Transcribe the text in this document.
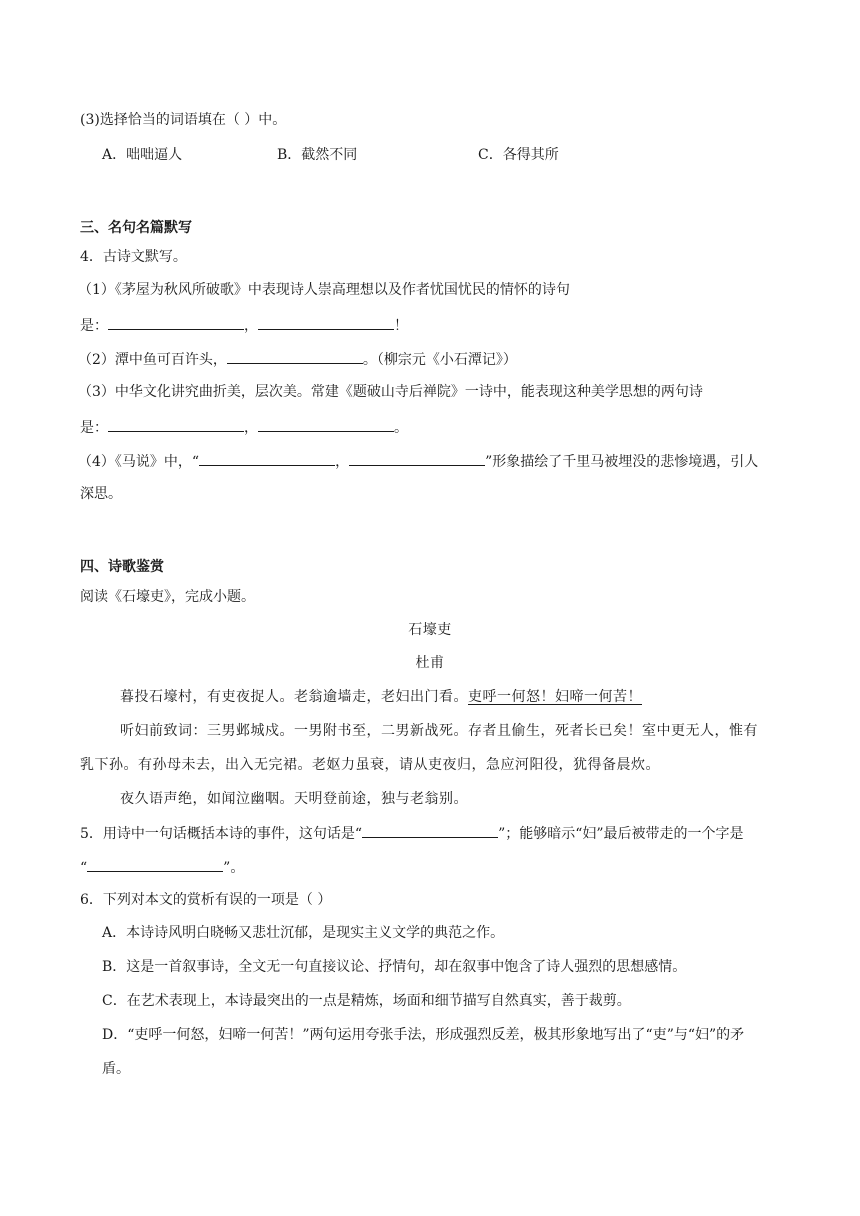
(3)选择恰当的词语填在（ ）中。
A．咄咄逼人	B．截然不同	C．各得其所
三、名句名篇默写
4．古诗文默写。
（1）《茅屋为秋风所破歌》中表现诗人崇高理想以及作者忧国忧民的情怀的诗句
是：	，	！
（2）潭中鱼可百许头，	。（柳宗元《小石潭记》）
（3）中华文化讲究曲折美，层次美。常建《题破山寺后禅院》一诗中，能表现这种美学思想的两句诗
是：	，	。
（4）《马说》中，“	，	”形象描绘了千里马被埋没的悲惨境遇，引人
深思。
四、诗歌鉴赏
阅读《石壕吏》，完成小题。
石壕吏
杜甫
暮投石壕村，有吏夜捉人。老翁逾墙走，老妇出门看。吏呼一何怒！妇啼一何苦！
听妇前致词：三男邺城戍。一男附书至，二男新战死。存者且偷生，死者长已矣！室中更无人，惟有
乳下孙。有孙母未去，出入无完裙。老妪力虽衰，请从吏夜归，急应河阳役，犹得备晨炊。
夜久语声绝，如闻泣幽咽。天明登前途，独与老翁别。
5．用诗中一句话概括本诗的事件，这句话是“	”；能够暗示“妇”最后被带走的一个字是
“	”。
6．下列对本文的赏析有误的一项是（ ）
A．本诗诗风明白晓畅又悲壮沉郁，是现实主义文学的典范之作。
B．这是一首叙事诗，全文无一句直接议论、抒情句，却在叙事中饱含了诗人强烈的思想感情。
C．在艺术表现上，本诗最突出的一点是精炼，场面和细节描写自然真实，善于裁剪。
D．“吏呼一何怒，妇啼一何苦！”两句运用夸张手法，形成强烈反差，极其形象地写出了“吏”与“妇”的矛
盾。
